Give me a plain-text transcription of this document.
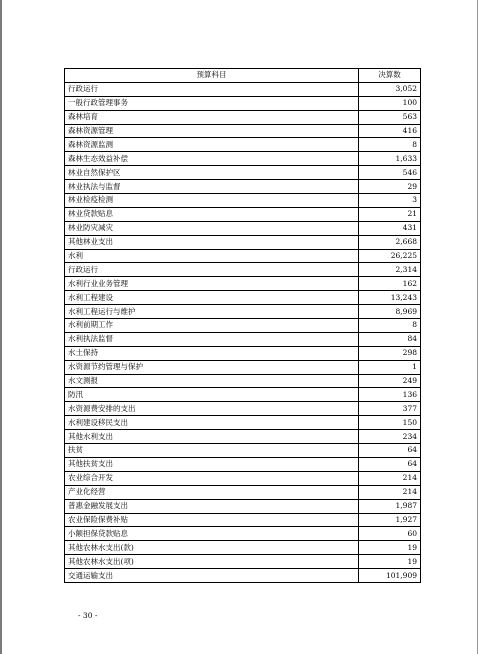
预算科目	决算数
行政运行	3,052
一般行政管理事务	100
森林培育	563
森林资源管理	416
森林资源监测	8
森林生态效益补偿	1,633
林业自然保护区	546
林业执法与监督	29
林业检疫检测	3
林业贷款贴息	21
林业防灾减灾	431
其他林业支出	2,668
水利	26,225
行政运行	2,314
水利行业业务管理	162
水利工程建设	13,243
水利工程运行与维护	8,969
水利前期工作	8
水利执法监督	84
水土保持	298
水资源节约管理与保护	1
水文测报	249
防汛	136
水资源费安排的支出	377
水利建设移民支出	150
其他水利支出	234
扶贫	64
其他扶贫支出	64
农业综合开发	214
产业化经营	214
普惠金融发展支出	1,987
农业保险保费补贴	1,927
小额担保贷款贴息	60
其他农林水支出(款)	19
其他农林水支出(项)	19
交通运输支出	101,909
- 30 -
